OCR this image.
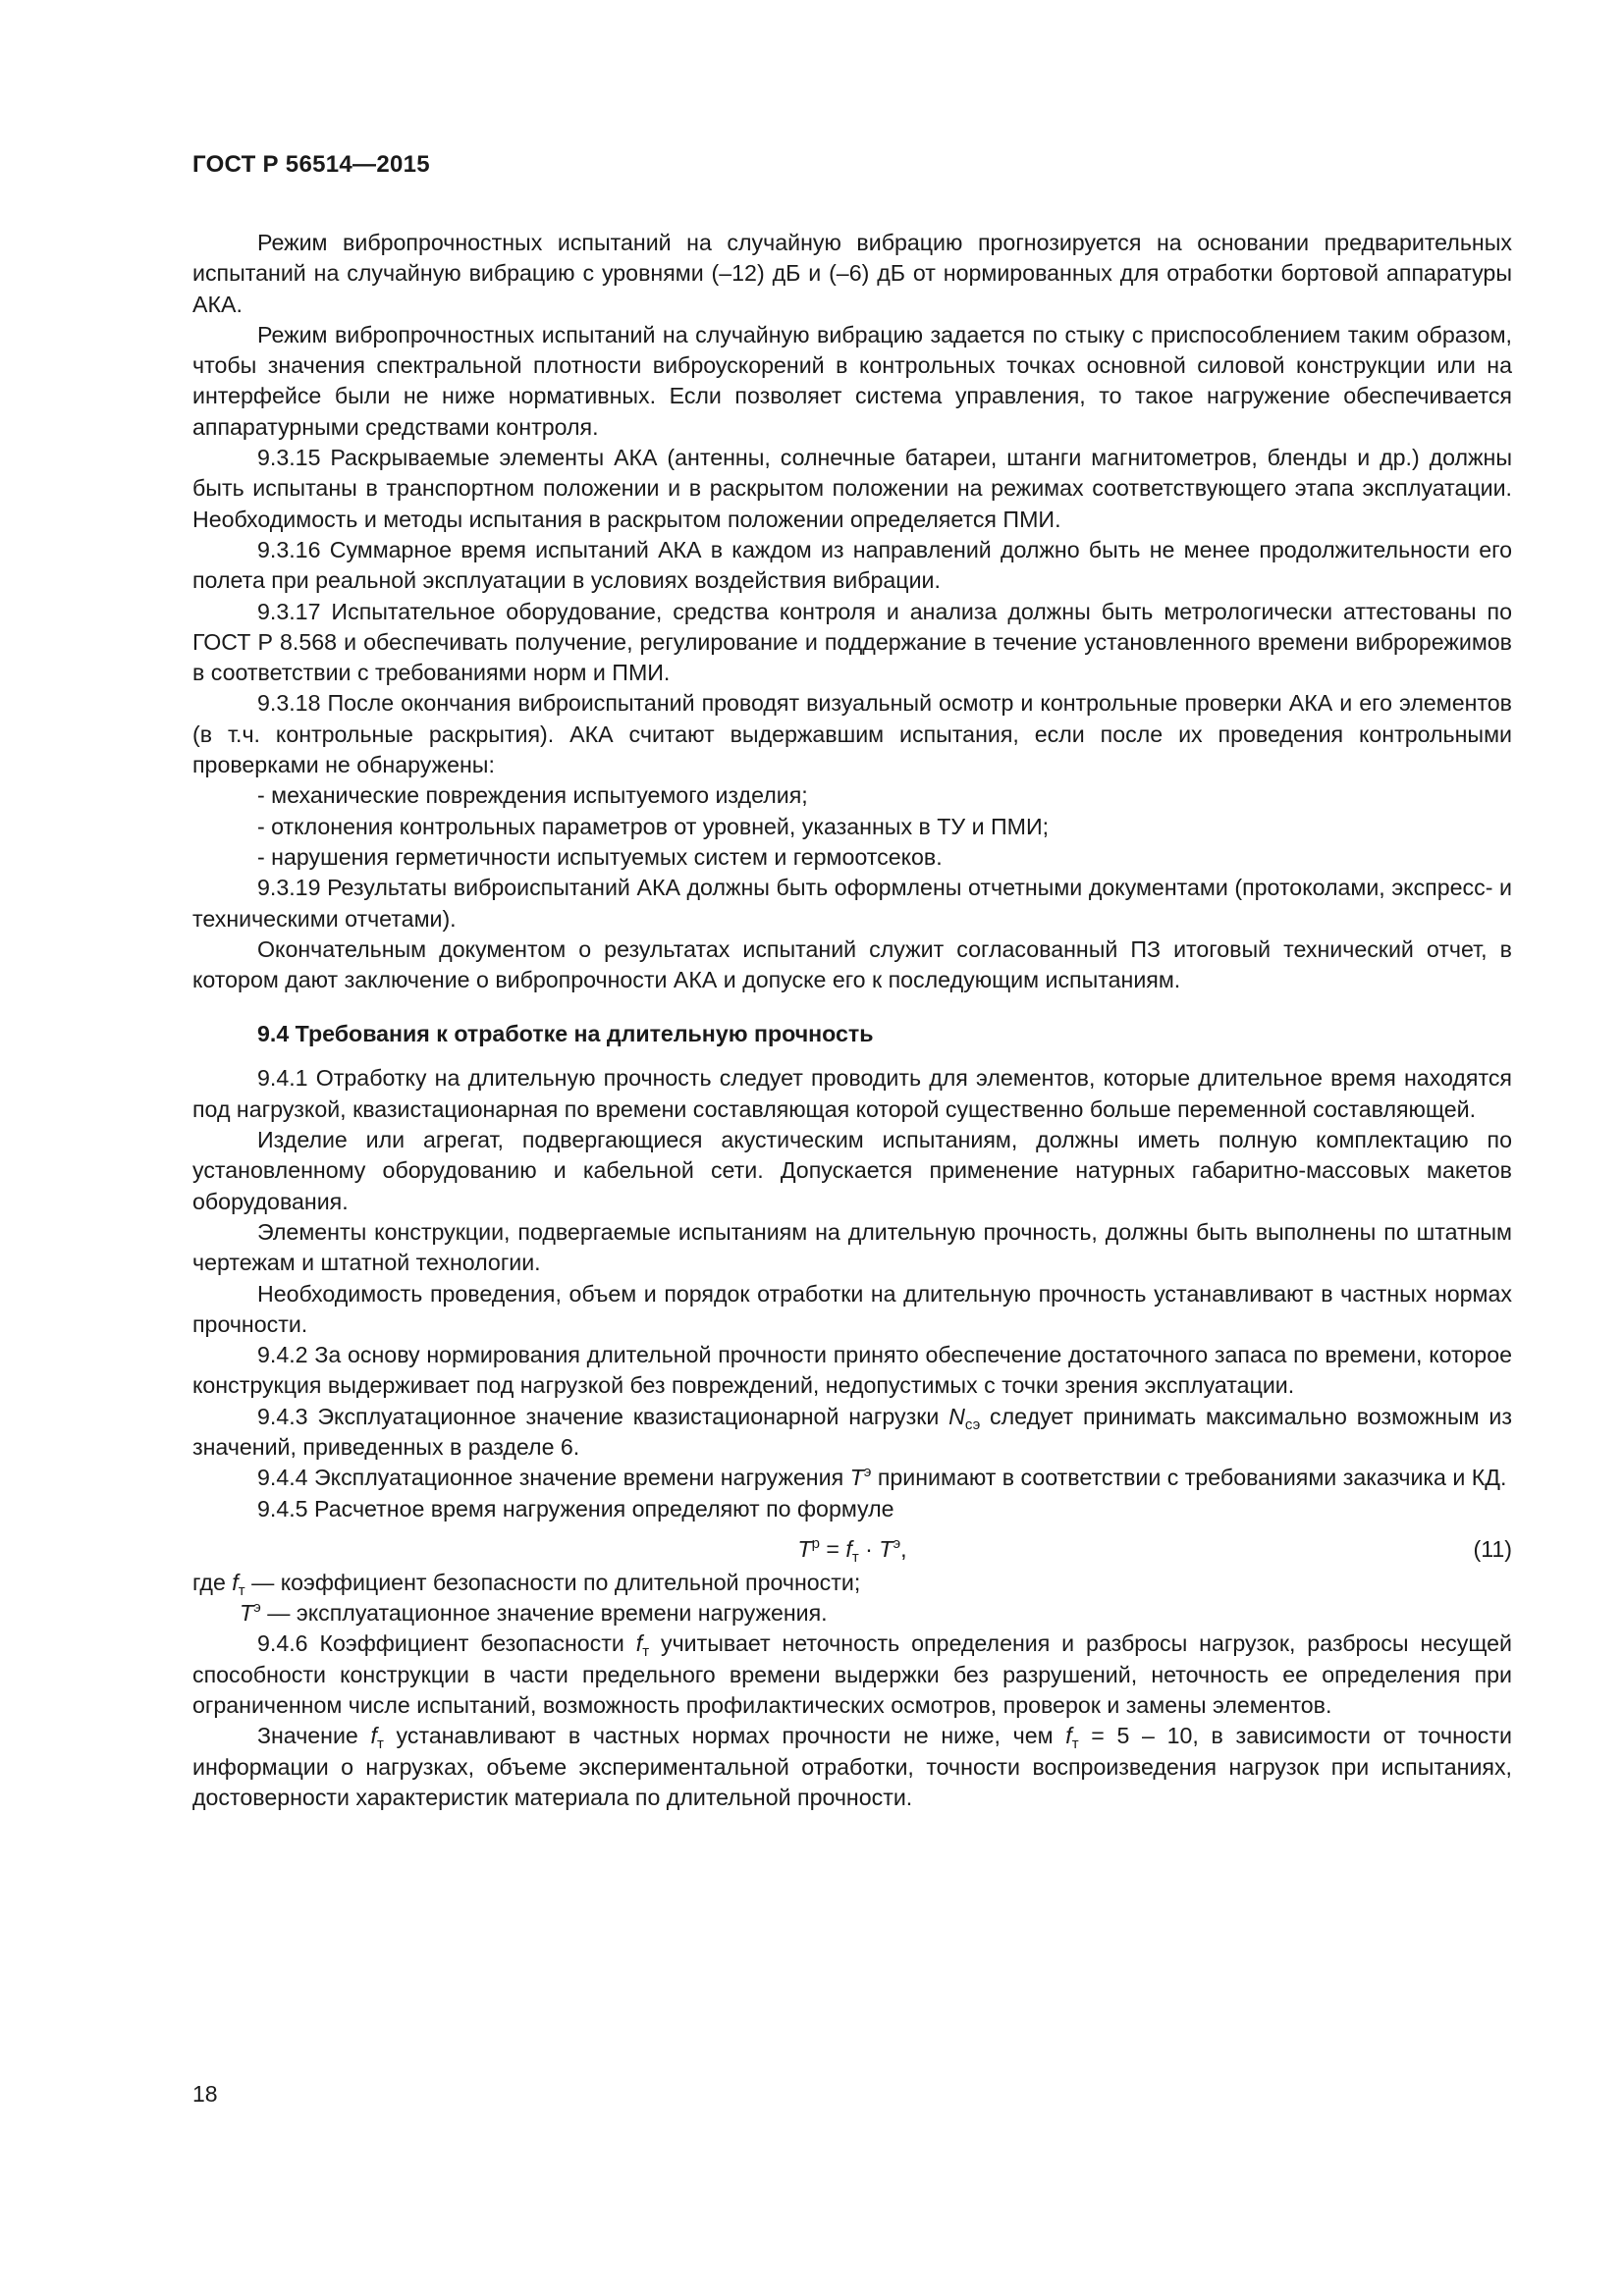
ГОСТ Р 56514—2015

Режим вибропрочностных испытаний на случайную вибрацию прогнозируется на основании предварительных испытаний на случайную вибрацию с уровнями (–12) дБ и (–6) дБ от нормированных для отработки бортовой аппаратуры АКА.

Режим вибропрочностных испытаний на случайную вибрацию задается по стыку с приспособлением таким образом, чтобы значения спектральной плотности виброускорений в контрольных точках основной силовой конструкции или на интерфейсе были не ниже нормативных. Если позволяет система управления, то такое нагружение обеспечивается аппаратурными средствами контроля.

9.3.15 Раскрываемые элементы АКА (антенны, солнечные батареи, штанги магнитометров, бленды и др.) должны быть испытаны в транспортном положении и в раскрытом положении на режимах соответствующего этапа эксплуатации. Необходимость и методы испытания в раскрытом положении определяется ПМИ.

9.3.16 Суммарное время испытаний АКА в каждом из направлений должно быть не менее продолжительности его полета при реальной эксплуатации в условиях воздействия вибрации.

9.3.17 Испытательное оборудование, средства контроля и анализа должны быть метрологически аттестованы по ГОСТ Р 8.568 и обеспечивать получение, регулирование и поддержание в течение установленного времени виброрежимов в соответствии с требованиями норм и ПМИ.

9.3.18 После окончания виброиспытаний проводят визуальный осмотр и контрольные проверки АКА и его элементов (в т.ч. контрольные раскрытия). АКА считают выдержавшим испытания, если после их проведения контрольными проверками не обнаружены:

- механические повреждения испытуемого изделия;

- отклонения контрольных параметров от уровней, указанных в ТУ и ПМИ;

- нарушения герметичности испытуемых систем и гермоотсеков.

9.3.19 Результаты виброиспытаний АКА должны быть оформлены отчетными документами (протоколами, экспресс- и техническими отчетами).

Окончательным документом о результатах испытаний служит согласованный ПЗ итоговый технический отчет, в котором дают заключение о вибропрочности АКА и допуске его к последующим испытаниям.

9.4 Требования к отработке на длительную прочность

9.4.1 Отработку на длительную прочность следует проводить для элементов, которые длительное время находятся под нагрузкой, квазистационарная по времени составляющая которой существенно больше переменной составляющей.

Изделие или агрегат, подвергающиеся акустическим испытаниям, должны иметь полную комплектацию по установленному оборудованию и кабельной сети. Допускается применение натурных габаритно-массовых макетов оборудования.

Элементы конструкции, подвергаемые испытаниям на длительную прочность, должны быть выполнены по штатным чертежам и штатной технологии.

Необходимость проведения, объем и порядок отработки на длительную прочность устанавливают в частных нормах прочности.

9.4.2 За основу нормирования длительной прочности принято обеспечение достаточного запаса по времени, которое конструкция выдерживает под нагрузкой без повреждений, недопустимых с точки зрения эксплуатации.

9.4.3 Эксплуатационное значение квазистационарной нагрузки $N_{сэ}$ следует принимать максимально возможным из значений, приведенных в разделе 6.

9.4.4 Эксплуатационное значение времени нагружения $T^э$ принимают в соответствии с требованиями заказчика и КД.

9.4.5 Расчетное время нагружения определяют по формуле

$T^р = f_т \cdot T^э$,	(11)

где $f_т$ — коэффициент безопасности по длительной прочности;

$T^э$ — эксплуатационное значение времени нагружения.

9.4.6 Коэффициент безопасности $f_т$ учитывает неточность определения и разбросы нагрузок, разбросы несущей способности конструкции в части предельного времени выдержки без разрушений, неточность ее определения при ограниченном числе испытаний, возможность профилактических осмотров, проверок и замены элементов.

Значение $f_т$ устанавливают в частных нормах прочности не ниже, чем $f_т = 5 - 10$, в зависимости от точности информации о нагрузках, объеме экспериментальной отработки, точности воспроизведения нагрузок при испытаниях, достоверности характеристик материала по длительной прочности.

18
